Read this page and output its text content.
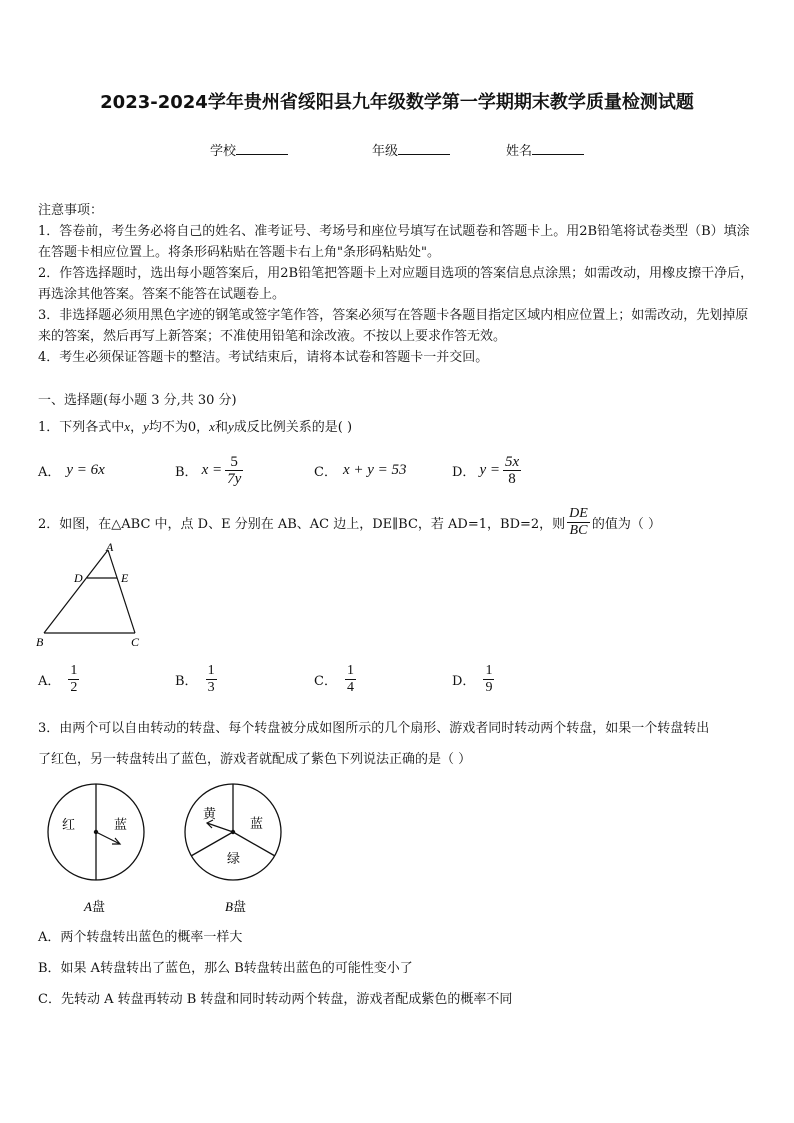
2023-2024学年贵州省绥阳县九年级数学第一学期期末教学质量检测试题
学校	年级	姓名
注意事项：
1．答卷前，考生务必将自己的姓名、准考证号、考场号和座位号填写在试题卷和答题卡上。用2B铅笔将试卷类型（B）填涂在答题卡相应位置上。将条形码粘贴在答题卡右上角"条形码粘贴处"。
2．作答选择题时，选出每小题答案后，用2B铅笔把答题卡上对应题目选项的答案信息点涂黑；如需改动，用橡皮擦干净后，再选涂其他答案。答案不能答在试题卷上。
3．非选择题必须用黑色字迹的钢笔或签字笔作答，答案必须写在答题卡各题目指定区域内相应位置上；如需改动，先划掉原来的答案，然后再写上新答案；不准使用铅笔和涂改液。不按以上要求作答无效。
4．考生必须保证答题卡的整洁。考试结束后，请将本试卷和答题卡一并交回。
一、选择题(每小题 3 分,共 30 分)
1．下列各式中x，y均不为0，x和y成反比例关系的是( )
A． y = 6x	B． $x = \frac{5}{7y}$	C． x + y = 53	D． $y = \frac{5x}{8}$
2．如图，在△ABC 中，点 D、E 分别在 AB、AC 边上，DE∥BC，若 AD=1，BD=2，则 $\frac{DE}{BC}$ 的值为（ ）
A
D	E
B	C
A． $\frac{1}{2}$	B． $\frac{1}{3}$	C． $\frac{1}{4}$	D． $\frac{1}{9}$
3．由两个可以自由转动的转盘、每个转盘被分成如图所示的几个扇形、游戏者同时转动两个转盘，如果一个转盘转出
了红色，另一转盘转出了蓝色，游戏者就配成了紫色下列说法正确的是（ ）
红	蓝
A盘
黄
蓝
绿
B盘
A．两个转盘转出蓝色的概率一样大
B．如果 A转盘转出了蓝色，那么 B转盘转出蓝色的可能性变小了
C．先转动 A 转盘再转动 B 转盘和同时转动两个转盘，游戏者配成紫色的概率不同
